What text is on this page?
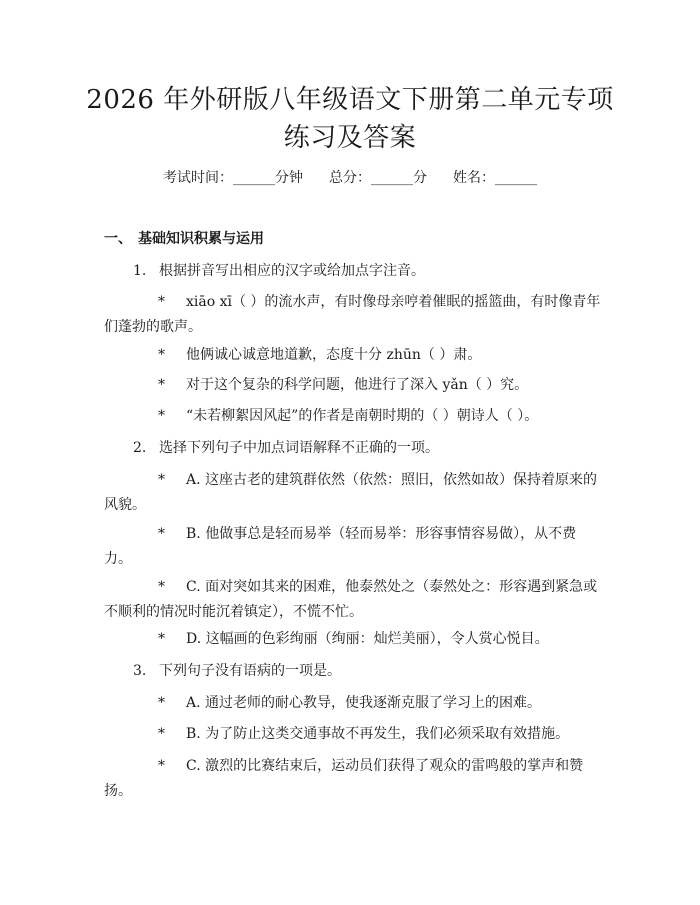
2026 年外研版八年级语文下册第二单元专项
练习及答案
考试时间：______分钟 总分：______分 姓名：______
一、 基础知识积累与运用
1. 根据拼音写出相应的汉字或给加点字注音。
* xiāo xī（ ）的流水声，有时像母亲哼着催眠的摇篮曲，有时像青年们蓬勃的歌声。
* 他俩诚心诚意地道歉，态度十分 zhūn（ ）肃。
* 对于这个复杂的科学问题，他进行了深入 yǎn（ ）究。
* “未若柳絮因风起”的作者是南朝时期的（ ）朝诗人（ ）。
2. 选择下列句子中加点词语解释不正确的一项。
* A. 这座古老的建筑群依然（依然：照旧，依然如故）保持着原来的风貌。
* B. 他做事总是轻而易举（轻而易举：形容事情容易做），从不费力。
* C. 面对突如其来的困难，他泰然处之（泰然处之：形容遇到紧急或不顺利的情况时能沉着镇定），不慌不忙。
* D. 这幅画的色彩绚丽（绚丽：灿烂美丽），令人赏心悦目。
3. 下列句子没有语病的一项是。
* A. 通过老师的耐心教导，使我逐渐克服了学习上的困难。
* B. 为了防止这类交通事故不再发生，我们必须采取有效措施。
* C. 激烈的比赛结束后，运动员们获得了观众的雷鸣般的掌声和赞扬。
